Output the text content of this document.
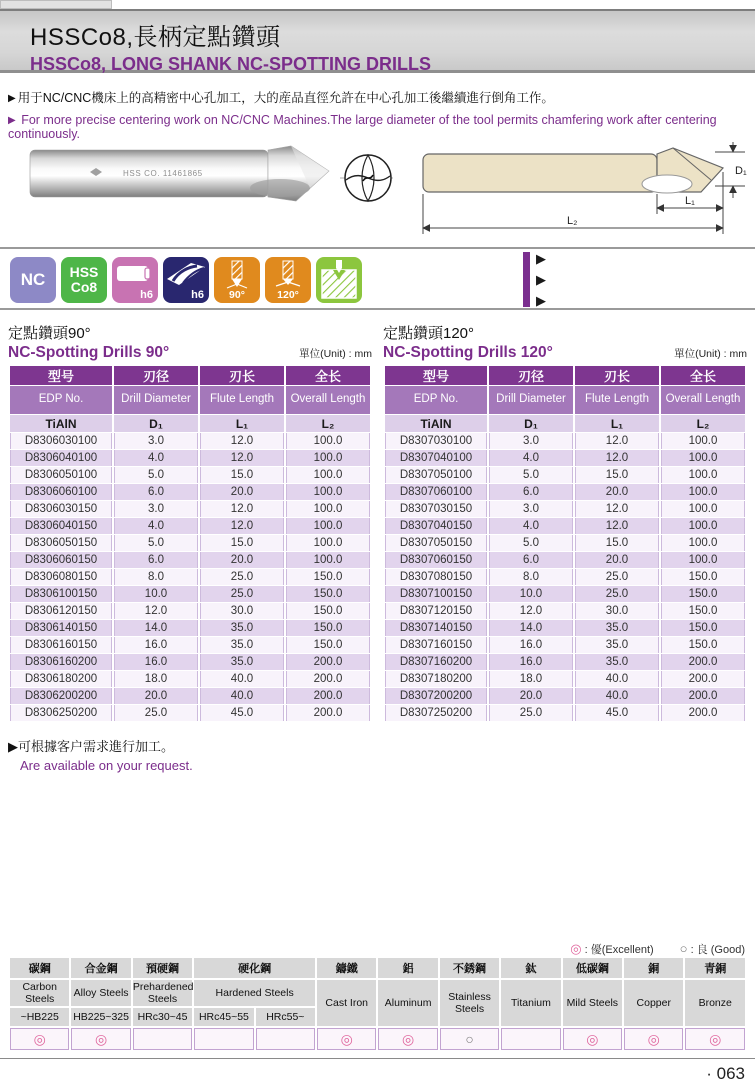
HSSCo8,長柄定點鑽頭
HSSCo8, LONG SHANK NC-SPOTTING DRILLS
▶ 用于NC/CNC機床上的高精密中心孔加工，大的産品直徑允許在中心孔加工後繼續進行倒角工作。
▶ For more precise centering work on NC/CNC Machines.The large diameter of the tool permits chamfering work after centering continuously.
HSS CO. 11461865	D₁
L₁
L₂
NC HSS
Co8	h6	h6	90°	120°
▶
▶
▶
定點鑽頭90°
NC-Spotting Drills 90°	單位(Unit) : mm
型号	刃径	刃长	全长
EDP No.	Drill Diameter	Flute Length	Overall Length
TiAlN	D₁	L₁	L₂
D8306030100	3.0	12.0	100.0
D8306040100	4.0	12.0	100.0
D8306050100	5.0	15.0	100.0
D8306060100	6.0	20.0	100.0
D8306030150	3.0	12.0	100.0
D8306040150	4.0	12.0	100.0
D8306050150	5.0	15.0	100.0
D8306060150	6.0	20.0	100.0
D8306080150	8.0	25.0	150.0
D8306100150	10.0	25.0	150.0
D8306120150	12.0	30.0	150.0
D8306140150	14.0	35.0	150.0
D8306160150	16.0	35.0	150.0
D8306160200	16.0	35.0	200.0
D8306180200	18.0	40.0	200.0
D8306200200	20.0	40.0	200.0
D8306250200	25.0	45.0	200.0
定點鑽頭120°
NC-Spotting Drills 120°	單位(Unit) : mm
型号	刃径	刃长	全长
EDP No.	Drill Diameter	Flute Length	Overall Length
TiAlN	D₁	L₁	L₂
D8307030100	3.0	12.0	100.0
D8307040100	4.0	12.0	100.0
D8307050100	5.0	15.0	100.0
D8307060100	6.0	20.0	100.0
D8307030150	3.0	12.0	100.0
D8307040150	4.0	12.0	100.0
D8307050150	5.0	15.0	100.0
D8307060150	6.0	20.0	100.0
D8307080150	8.0	25.0	150.0
D8307100150	10.0	25.0	150.0
D8307120150	12.0	30.0	150.0
D8307140150	14.0	35.0	150.0
D8307160150	16.0	35.0	150.0
D8307160200	16.0	35.0	200.0
D8307180200	18.0	40.0	200.0
D8307200200	20.0	40.0	200.0
D8307250200	25.0	45.0	200.0
▶可根據客户需求進行加工。
Are available on your request.
◎ : 優(Excellent) ○ : 良 (Good)
碳鋼	合金鋼	預硬鋼	硬化鋼		鑄鐵	鋁	不銹鋼	鈦	低碳鋼	銅	青銅
Carbon Steels	Alloy Steels	Prehardened Steels	Hardened Steels		Cast Iron	Aluminum	Stainless Steels	Titanium	Mild Steels	Copper	Bronze
~HB225	HB225~325	HRc30~45	HRc45~55	HRc55~							
◎	◎				◎	◎	○		◎	◎	◎
· 063
